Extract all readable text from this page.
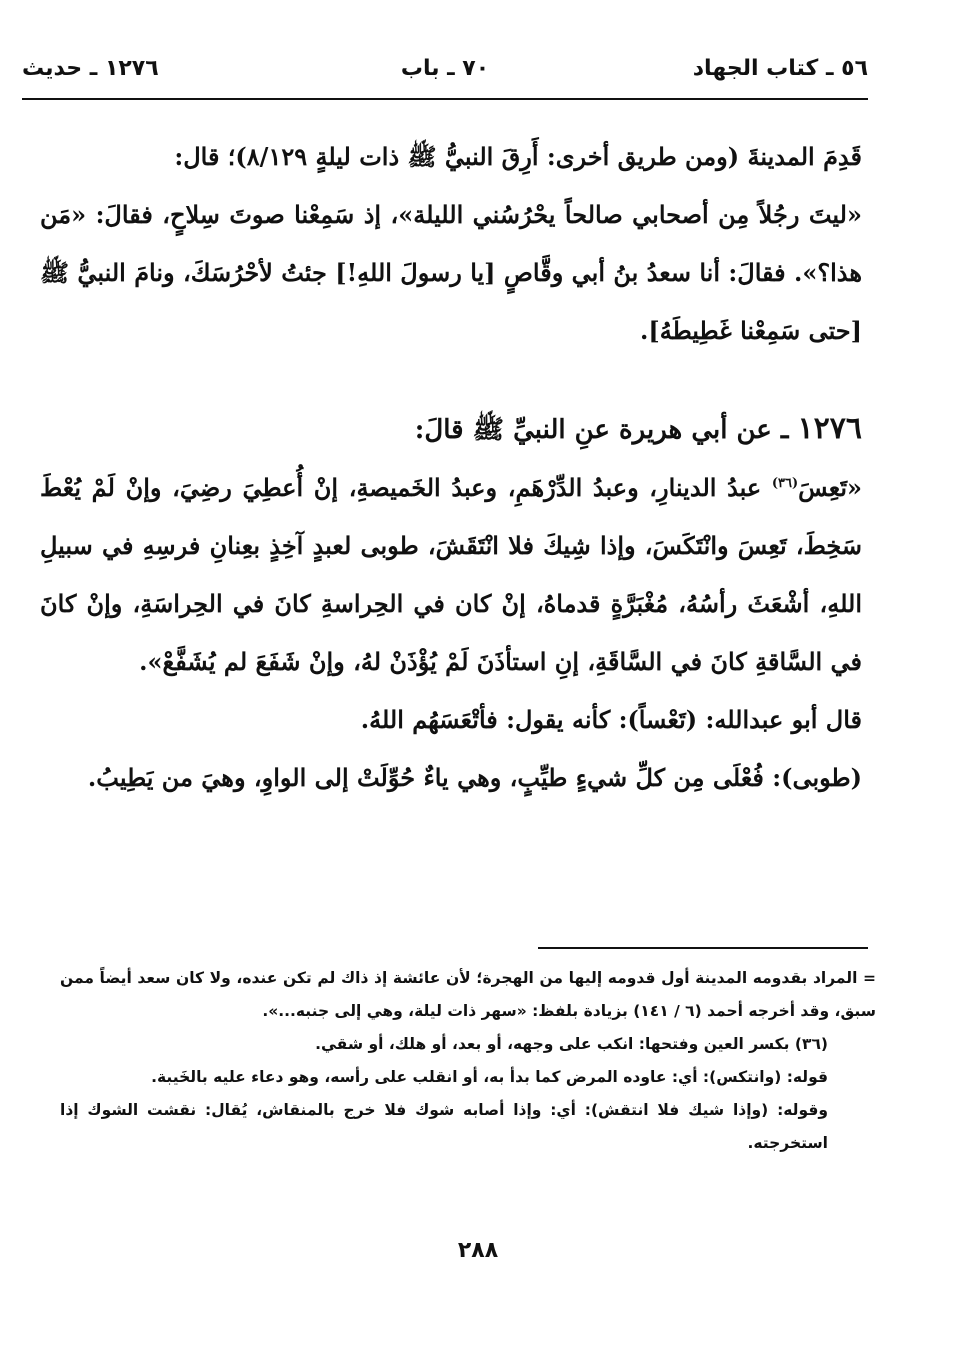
٥٦ ـ كتاب الجهاد
٧٠ ـ باب
١٢٧٦ ـ حديث

قَدِمَ المدينةَ (ومن طريق أخرى: أَرِقَ النبيُّ ﷺ ذات ليلةٍ ٨/١٢٩)؛ قال:

«ليتَ رجُلاً مِن أصحابي صالحاً يحْرُسُني الليلة»، إذ سَمِعْنا صوتَ سِلاحٍ، فقالَ: «مَن هذا؟». فقالَ: أنا سعدُ بنُ أبي وقَّاصٍ [يا رسولَ اللهِ!] جئتُ لأحْرُسَكَ، ونامَ النبيُّ ﷺ [حتى سَمِعْنا غَطِيطَهُ].

١٢٧٦ ـ عن أبي هريرة عنِ النبيِّ ﷺ قالَ:

«تَعِسَ$^{(٣٦)}$ عبدُ الدينارِ، وعبدُ الدِّرْهَمِ، وعبدُ الخَميصةِ، إنْ أُعطِيَ رضِيَ، وإنْ لَمْ يُعْطَ سَخِطَ، تَعِسَ وانْتَكَسَ، وإذا شِيكَ فلا انْتَقَشَ، طوبى لعبدٍ آخِذٍ بعِنانِ فرسِهِ في سبيلِ اللهِ، أشْعَثَ رأسُهُ، مُغْبَرَّةٍ قدماهُ، إنْ كان في الحِراسةِ كانَ في الحِراسَةِ، وإنْ كانَ في السَّاقةِ كانَ في السَّاقَةِ، إنِ استأذَنَ لَمْ يُؤْذَنْ لهُ، وإنْ شَفَعَ لم يُشَفَّعْ».

قال أبو عبدالله: (تَعْساً): كأنه يقول: فأتْعَسَهُم اللهُ.

(طوبى): فُعْلَى مِن كلِّ شيءٍ طيِّبٍ، وهي ياءٌ حُوِّلَتْ إلى الواوِ، وهيَ من يَطِيبُ.

= المراد بقدومه المدينة أول قدومه إليها من الهجرة؛ لأن عائشة إذ ذاك لم تكن عنده، ولا كان سعد أيضاً ممن سبق، وقد أخرجه أحمد (٦ / ١٤١) بزيادة بلفظ: «سهر ذات ليلة، وهي إلى جنبه...».

(٣٦) بكسر العين وفتحها: انكب على وجهه، أو بعد، أو هلك، أو شقي.

قوله: (وانتكس): أي: عاوده المرض كما بدأ به، أو انقلب على رأسه، وهو دعاء عليه بالخَيبة.

وقوله: (وإذا شيك فلا انتقش): أي: وإذا أصابه شوك فلا خرج بالمنقاش، يُقال: نقشت الشوك إذا استخرجته.

٢٨٨
